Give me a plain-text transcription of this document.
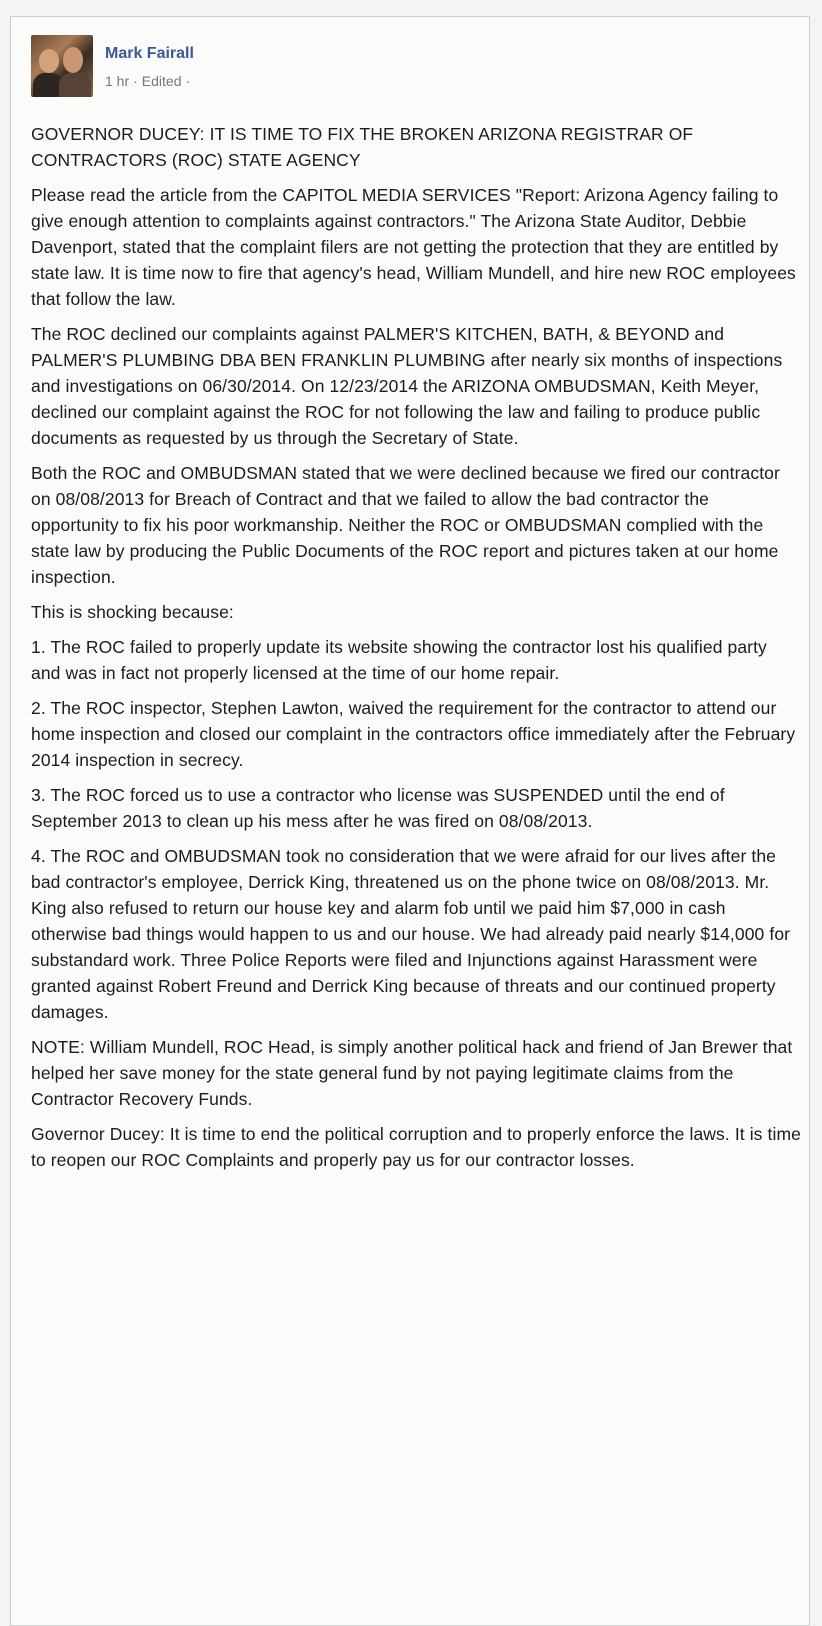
Mark Fairall
1 hr · Edited ·

GOVERNOR DUCEY: IT IS TIME TO FIX THE BROKEN ARIZONA REGISTRAR OF CONTRACTORS (ROC) STATE AGENCY

Please read the article from the CAPITOL MEDIA SERVICES "Report: Arizona Agency failing to give enough attention to complaints against contractors." The Arizona State Auditor, Debbie Davenport, stated that the complaint filers are not getting the protection that they are entitled by state law. It is time now to fire that agency's head, William Mundell, and hire new ROC employees that follow the law.

The ROC declined our complaints against PALMER'S KITCHEN, BATH, & BEYOND and PALMER'S PLUMBING DBA BEN FRANKLIN PLUMBING after nearly six months of inspections and investigations on 06/30/2014. On 12/23/2014 the ARIZONA OMBUDSMAN, Keith Meyer, declined our complaint against the ROC for not following the law and failing to produce public documents as requested by us through the Secretary of State.

Both the ROC and OMBUDSMAN stated that we were declined because we fired our contractor on 08/08/2013 for Breach of Contract and that we failed to allow the bad contractor the opportunity to fix his poor workmanship. Neither the ROC or OMBUDSMAN complied with the state law by producing the Public Documents of the ROC report and pictures taken at our home inspection.

This is shocking because:

1. The ROC failed to properly update its website showing the contractor lost his qualified party and was in fact not properly licensed at the time of our home repair.

2. The ROC inspector, Stephen Lawton, waived the requirement for the contractor to attend our home inspection and closed our complaint in the contractors office immediately after the February 2014 inspection in secrecy.

3. The ROC forced us to use a contractor who license was SUSPENDED until the end of September 2013 to clean up his mess after he was fired on 08/08/2013.

4. The ROC and OMBUDSMAN took no consideration that we were afraid for our lives after the bad contractor's employee, Derrick King, threatened us on the phone twice on 08/08/2013. Mr. King also refused to return our house key and alarm fob until we paid him $7,000 in cash otherwise bad things would happen to us and our house. We had already paid nearly $14,000 for substandard work. Three Police Reports were filed and Injunctions against Harassment were granted against Robert Freund and Derrick King because of threats and our continued property damages.

NOTE: William Mundell, ROC Head, is simply another political hack and friend of Jan Brewer that helped her save money for the state general fund by not paying legitimate claims from the Contractor Recovery Funds.

Governor Ducey: It is time to end the political corruption and to properly enforce the laws. It is time to reopen our ROC Complaints and properly pay us for our contractor losses.
